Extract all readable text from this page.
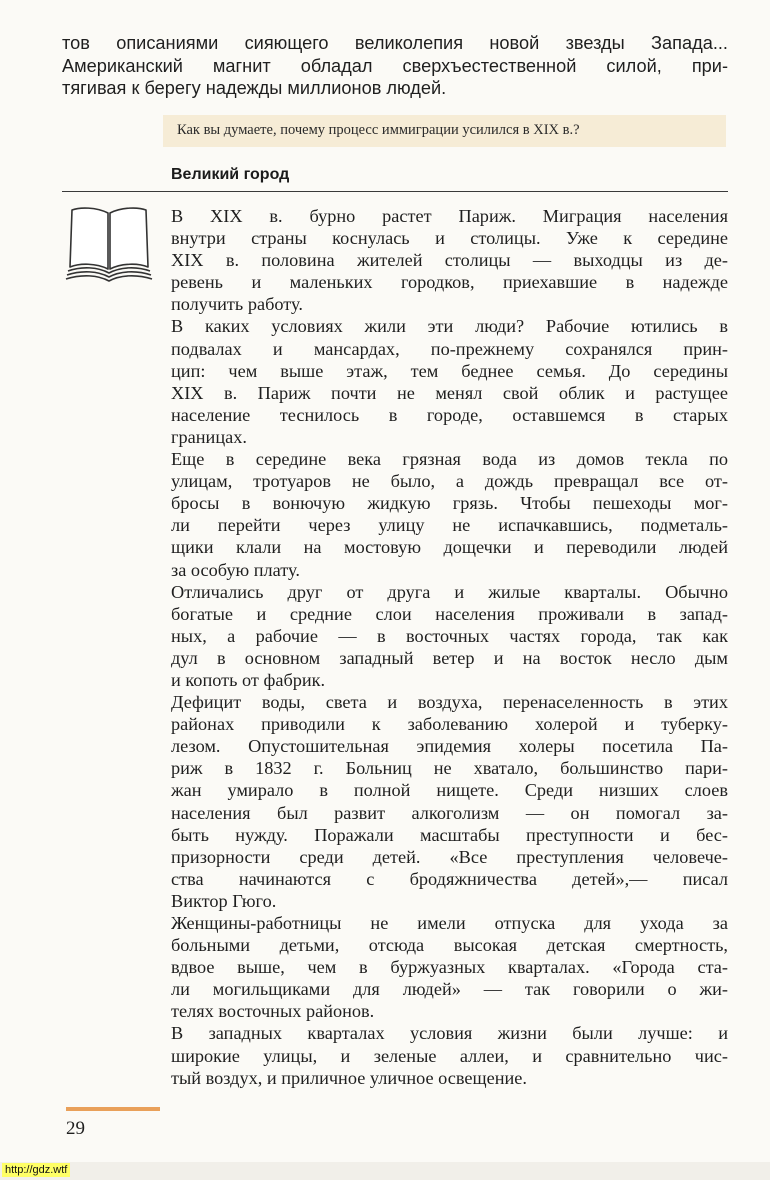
тов описаниями сияющего великолепия новой звезды Запада...
Американский магнит обладал сверхъестественной силой, при-
тягивая к берегу надежды миллионов людей.
Как вы думаете, почему процесс иммиграции усилился в XIX в.?
Великий город
В XIX в. бурно растет Париж. Миграция населения
внутри страны коснулась и столицы. Уже к середине
XIX в. половина жителей столицы — выходцы из де-
ревень и маленьких городков, приехавшие в надежде
получить работу.
В каких условиях жили эти люди? Рабочие ютились в
подвалах и мансардах, по-прежнему сохранялся прин-
цип: чем выше этаж, тем беднее семья. До середины
XIX в. Париж почти не менял свой облик и растущее
население теснилось в городе, оставшемся в старых
границах.
Еще в середине века грязная вода из домов текла по
улицам, тротуаров не было, а дождь превращал все от-
бросы в вонючую жидкую грязь. Чтобы пешеходы мог-
ли перейти через улицу не испачкавшись, подметаль-
щики клали на мостовую дощечки и переводили людей
за особую плату.
Отличались друг от друга и жилые кварталы. Обычно
богатые и средние слои населения проживали в запад-
ных, а рабочие — в восточных частях города, так как
дул в основном западный ветер и на восток несло дым
и копоть от фабрик.
Дефицит воды, света и воздуха, перенаселенность в этих
районах приводили к заболеванию холерой и туберку-
лезом. Опустошительная эпидемия холеры посетила Па-
риж в 1832 г. Больниц не хватало, большинство пари-
жан умирало в полной нищете. Среди низших слоев
населения был развит алкоголизм — он помогал за-
быть нужду. Поражали масштабы преступности и бес-
призорности среди детей. «Все преступления человече-
ства начинаются с бродяжничества детей»,— писал
Виктор Гюго.
Женщины-работницы не имели отпуска для ухода за
больными детьми, отсюда высокая детская смертность,
вдвое выше, чем в буржуазных кварталах. «Города ста-
ли могильщиками для людей» — так говорили о жи-
телях восточных районов.
В западных кварталах условия жизни были лучше: и
широкие улицы, и зеленые аллеи, и сравнительно чис-
тый воздух, и приличное уличное освещение.
29
http://gdz.wtf
